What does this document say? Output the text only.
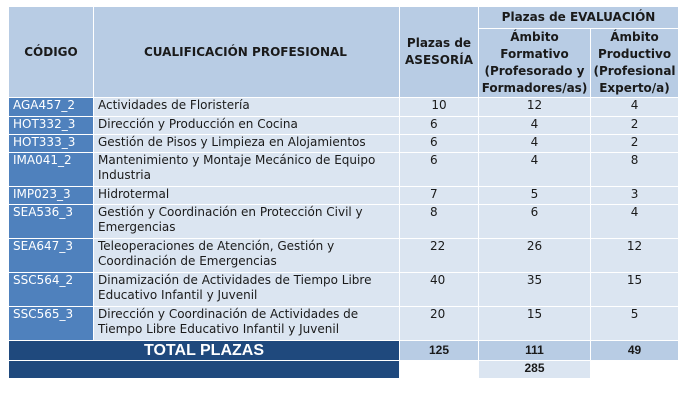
CÓDIGO	CUALIFICACIÓN PROFESIONAL	Plazas de ASESORÍA	Plazas de EVALUACIÓN	
			Ámbito Formativo (Profesorado y Formadores/as)	Ámbito Productivo (Profesional Experto/a)
AGA457_2	Actividades de Floristería	10	12	4
HOT332_3	Dirección y Producción en Cocina	6	4	2
HOT333_3	Gestión de Pisos y Limpieza en Alojamientos	6	4	2
IMA041_2	Mantenimiento y Montaje Mecánico de Equipo Industria	6	4	8
IMP023_3	Hidrotermal	7	5	3
SEA536_3	Gestión y Coordinación en Protección Civil y Emergencias	8	6	4
SEA647_3	Teleoperaciones de Atención, Gestión y Coordinación de Emergencias	22	26	12
SSC564_2	Dinamización de Actividades de Tiempo Libre Educativo Infantil y Juvenil	40	35	15
SSC565_3	Dirección y Coordinación de Actividades de Tiempo Libre Educativo Infantil y Juvenil	20	15	5
TOTAL PLAZAS		125	111	49
			285	
